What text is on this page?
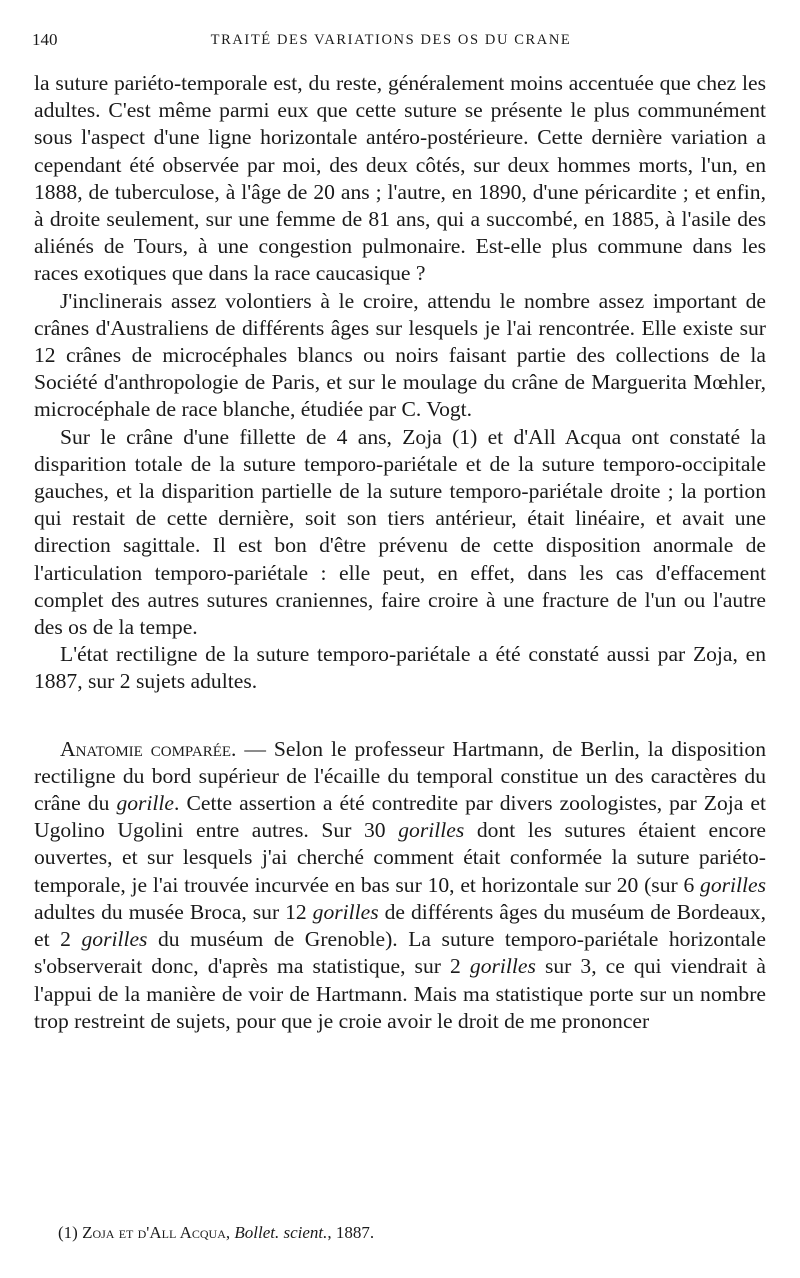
140	TRAITÉ DES VARIATIONS DES OS DU CRANE

la suture pariéto-temporale est, du reste, généralement moins accentuée que chez les adultes. C'est même parmi eux que cette suture se présente le plus communément sous l'aspect d'une ligne horizontale antéro-postérieure. Cette dernière variation a cependant été observée par moi, des deux côtés, sur deux hommes morts, l'un, en 1888, de tuberculose, à l'âge de 20 ans ; l'autre, en 1890, d'une péricardite ; et enfin, à droite seulement, sur une femme de 81 ans, qui a succombé, en 1885, à l'asile des aliénés de Tours, à une congestion pulmonaire. Est-elle plus commune dans les races exotiques que dans la race caucasique ?

J'inclinerais assez volontiers à le croire, attendu le nombre assez important de crânes d'Australiens de différents âges sur lesquels je l'ai rencontrée. Elle existe sur 12 crânes de microcéphales blancs ou noirs faisant partie des collections de la Société d'anthropologie de Paris, et sur le moulage du crâne de Marguerita Mœhler, microcéphale de race blanche, étudiée par C. Vogt.

Sur le crâne d'une fillette de 4 ans, Zoja (1) et d'All Acqua ont constaté la disparition totale de la suture temporo-pariétale et de la suture temporo-occipitale gauches, et la disparition partielle de la suture temporo-pariétale droite ; la portion qui restait de cette dernière, soit son tiers antérieur, était linéaire, et avait une direction sagittale. Il est bon d'être prévenu de cette disposition anormale de l'articulation temporo-pariétale : elle peut, en effet, dans les cas d'effacement complet des autres sutures craniennes, faire croire à une fracture de l'un ou l'autre des os de la tempe.

L'état rectiligne de la suture temporo-pariétale a été constaté aussi par Zoja, en 1887, sur 2 sujets adultes.

Anatomie comparée. — Selon le professeur Hartmann, de Berlin, la disposition rectiligne du bord supérieur de l'écaille du temporal constitue un des caractères du crâne du gorille. Cette assertion a été contredite par divers zoologistes, par Zoja et Ugolino Ugolini entre autres. Sur 30 gorilles dont les sutures étaient encore ouvertes, et sur lesquels j'ai cherché comment était conformée la suture pariéto-temporale, je l'ai trouvée incurvée en bas sur 10, et horizontale sur 20 (sur 6 gorilles adultes du musée Broca, sur 12 gorilles de différents âges du muséum de Bordeaux, et 2 gorilles du muséum de Grenoble). La suture temporo-pariétale horizontale s'observerait donc, d'après ma statistique, sur 2 gorilles sur 3, ce qui viendrait à l'appui de la manière de voir de Hartmann. Mais ma statistique porte sur un nombre trop restreint de sujets, pour que je croie avoir le droit de me prononcer

(1) Zoja et d'All Acqua, Bollet. scient., 1887.
